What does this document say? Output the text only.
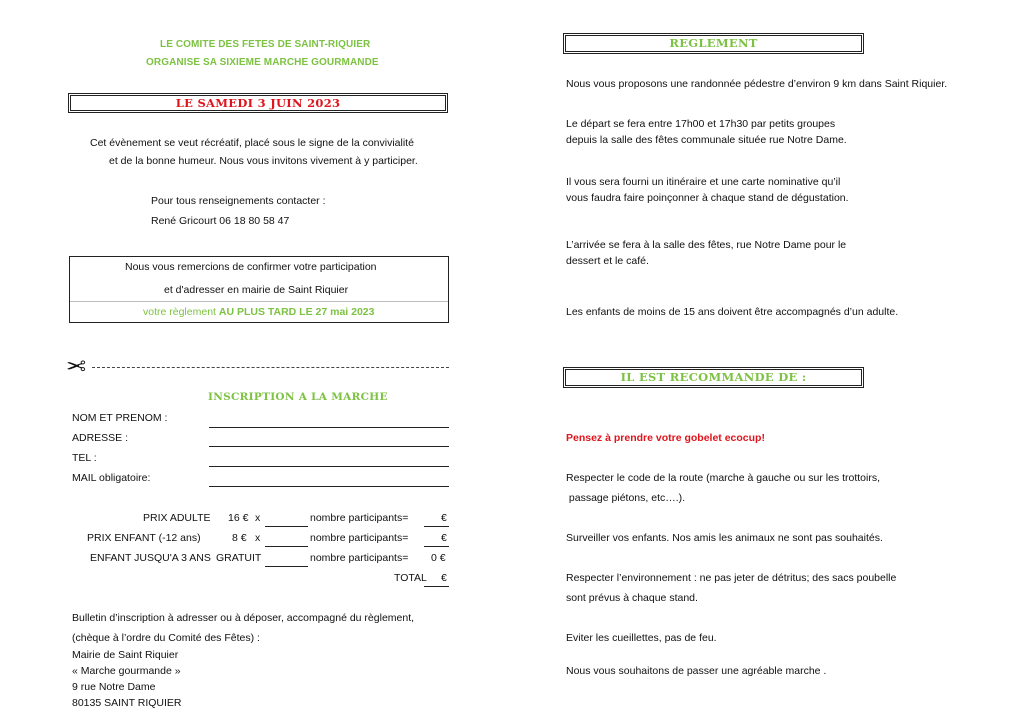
LE COMITE DES FETES DE SAINT-RIQUIER
ORGANISE SA SIXIEME MARCHE GOURMANDE
LE SAMEDI 3 JUIN 2023
Cet évènement se veut récréatif, placé sous le signe de la convivialité
et de la bonne humeur. Nous vous invitons vivement à y participer.
Pour tous renseignements contacter :
René Gricourt 06 18 80 58 47
Nous vous remercions de confirmer votre participation
et d'adresser en mairie de Saint Riquier
votre règlement AU PLUS TARD LE 27 mai 2023
✂
INSCRIPTION A LA MARCHE
NOM ET PRENOM :
ADRESSE :
TEL :
MAIL obligatoire:
PRIX ADULTE 16 € x	nombre participants=	€
PRIX ENFANT (-12 ans)	8 € x	nombre participants=	€
ENFANT JUSQU'A 3 ANS GRATUIT	nombre participants= 0 €
TOTAL €
Bulletin d’inscription à adresser ou à déposer, accompagné du règlement,
(chèque à l’ordre du Comité des Fêtes) :
Mairie de Saint Riquier
« Marche gourmande »
9 rue Notre Dame
80135 SAINT RIQUIER
REGLEMENT
Nous vous proposons une randonnée pédestre d’environ 9 km dans Saint Riquier.
Le départ se fera entre 17h00 et 17h30 par petits groupes
depuis la salle des fêtes communale située rue Notre Dame.
Il vous sera fourni un itinéraire et une carte nominative qu’il
vous faudra faire poinçonner à chaque stand de dégustation.
L’arrivée se fera à la salle des fêtes, rue Notre Dame pour le
dessert et le café.
Les enfants de moins de 15 ans doivent être accompagnés d’un adulte.
IL EST RECOMMANDE DE :
Pensez à prendre votre gobelet ecocup!
Respecter le code de la route (marche à gauche ou sur les trottoirs,
passage piétons, etc….).
Surveiller vos enfants. Nos amis les animaux ne sont pas souhaités.
Respecter l’environnement : ne pas jeter de détritus; des sacs poubelle
sont prévus à chaque stand.
Eviter les cueillettes, pas de feu.
Nous vous souhaitons de passer une agréable marche .
